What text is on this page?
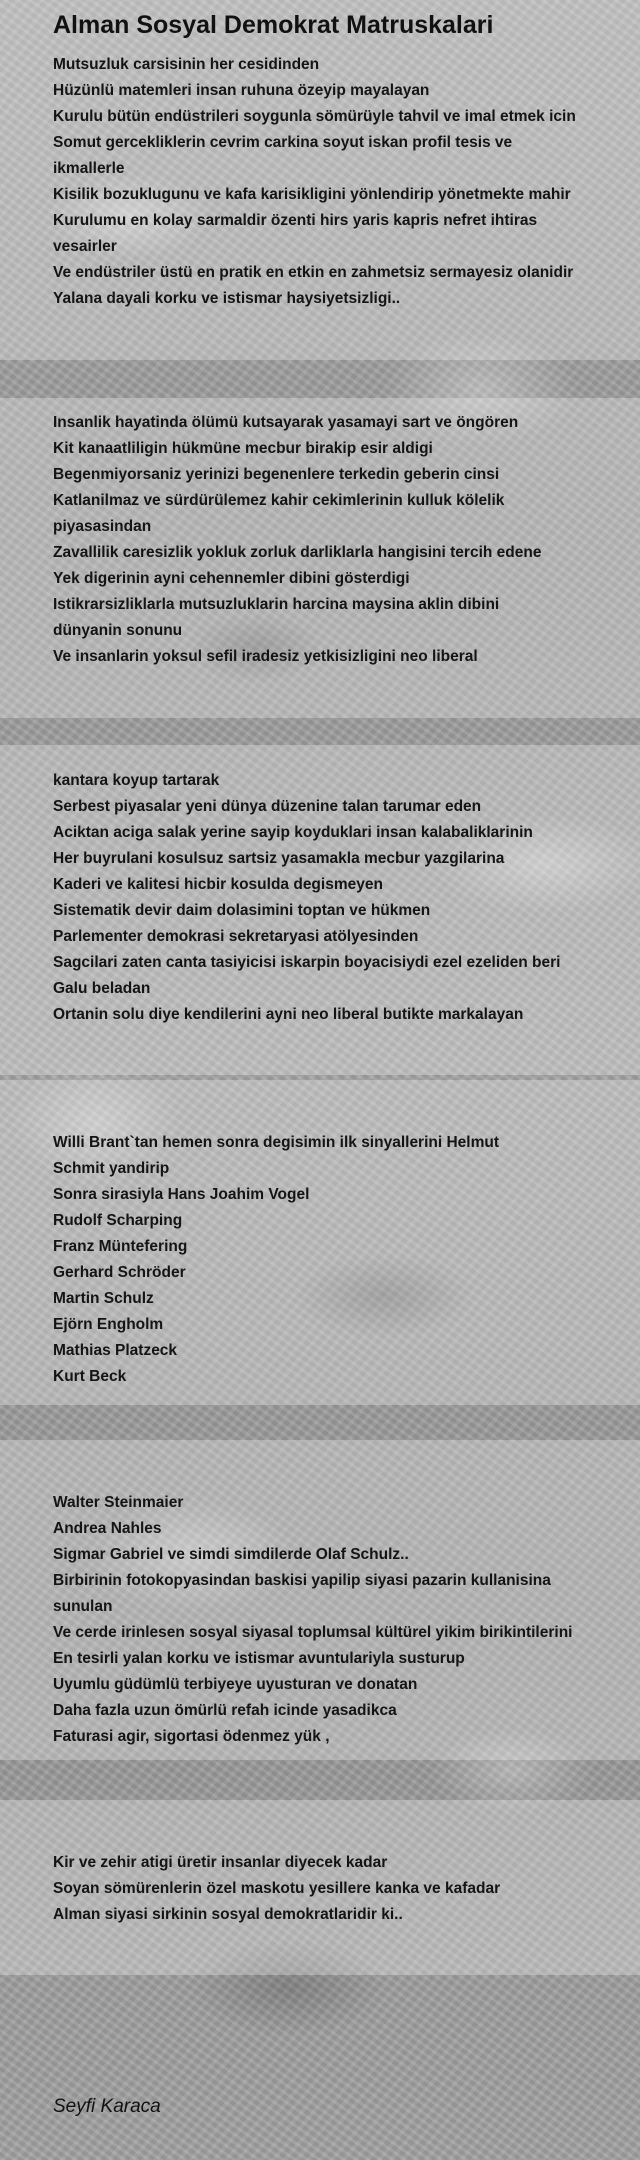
Alman Sosyal Demokrat Matruskalari
Mutsuzluk carsisinin her cesidinden
Hüzünlü matemleri insan ruhuna özeyip mayalayan
Kurulu bütün endüstrileri soygunla sömürüyle tahvil ve imal etmek icin
Somut gercekliklerin cevrim carkina soyut iskan profil tesis ve
ikmallerle
Kisilik bozuklugunu ve kafa karisikligini yönlendirip yönetmekte mahir
Kurulumu en kolay sarmaldir özenti hirs yaris kapris nefret ihtiras
vesairler
Ve endüstriler üstü en pratik en etkin en zahmetsiz sermayesiz olanidir
Yalana dayali korku ve istismar haysiyetsizligi..
Insanlik hayatinda ölümü kutsayarak yasamayi sart ve öngören
Kit kanaatliligin hükmüne mecbur birakip esir aldigi
Begenmiyorsaniz yerinizi begenenlere terkedin geberin cinsi
Katlanilmaz ve sürdürülemez kahir cekimlerinin kulluk kölelik
piyasasindan
Zavallilik caresizlik yokluk zorluk darliklarla hangisini tercih edene
Yek digerinin ayni cehennemler dibini gösterdigi
Istikrarsizliklarla mutsuzluklarin harcina maysina aklin dibini
dünyanin sonunu
Ve insanlarin yoksul sefil iradesiz yetkisizligini neo liberal
kantara koyup tartarak
Serbest piyasalar yeni dünya düzenine talan tarumar eden
Aciktan aciga salak yerine sayip koyduklari insan kalabaliklarinin
Her buyrulani kosulsuz sartsiz yasamakla mecbur yazgilarina
Kaderi ve kalitesi hicbir kosulda degismeyen
Sistematik devir daim dolasimini toptan ve hükmen
Parlementer demokrasi sekretaryasi atölyesinden
Sagcilari zaten canta tasiyicisi iskarpin boyacisiydi ezel ezeliden beri
Galu beladan
Ortanin solu diye kendilerini ayni neo liberal butikte markalayan
Willi Brant`tan hemen sonra degisimin ilk sinyallerini Helmut
Schmit yandirip
Sonra sirasiyla Hans Joahim Vogel
Rudolf Scharping
Franz Müntefering
Gerhard Schröder
Martin Schulz
Ejörn Engholm
Mathias Platzeck
Kurt Beck
Walter Steinmaier
Andrea Nahles
Sigmar Gabriel ve simdi simdilerde Olaf Schulz..
Birbirinin fotokopyasindan baskisi yapilip siyasi pazarin kullanisina
sunulan
Ve cerde irinlesen sosyal siyasal toplumsal kültürel yikim birikintilerini
En tesirli yalan korku ve istismar avuntulariyla susturup
Uyumlu güdümlü terbiyeye uyusturan ve donatan
Daha fazla uzun ömürlü refah icinde yasadikca
Faturasi agir, sigortasi ödenmez yük ,
Kir ve zehir atigi üretir insanlar diyecek kadar
Soyan sömürenlerin özel maskotu yesillere kanka ve kafadar
Alman siyasi sirkinin sosyal demokratlaridir ki..
Seyfi Karaca
